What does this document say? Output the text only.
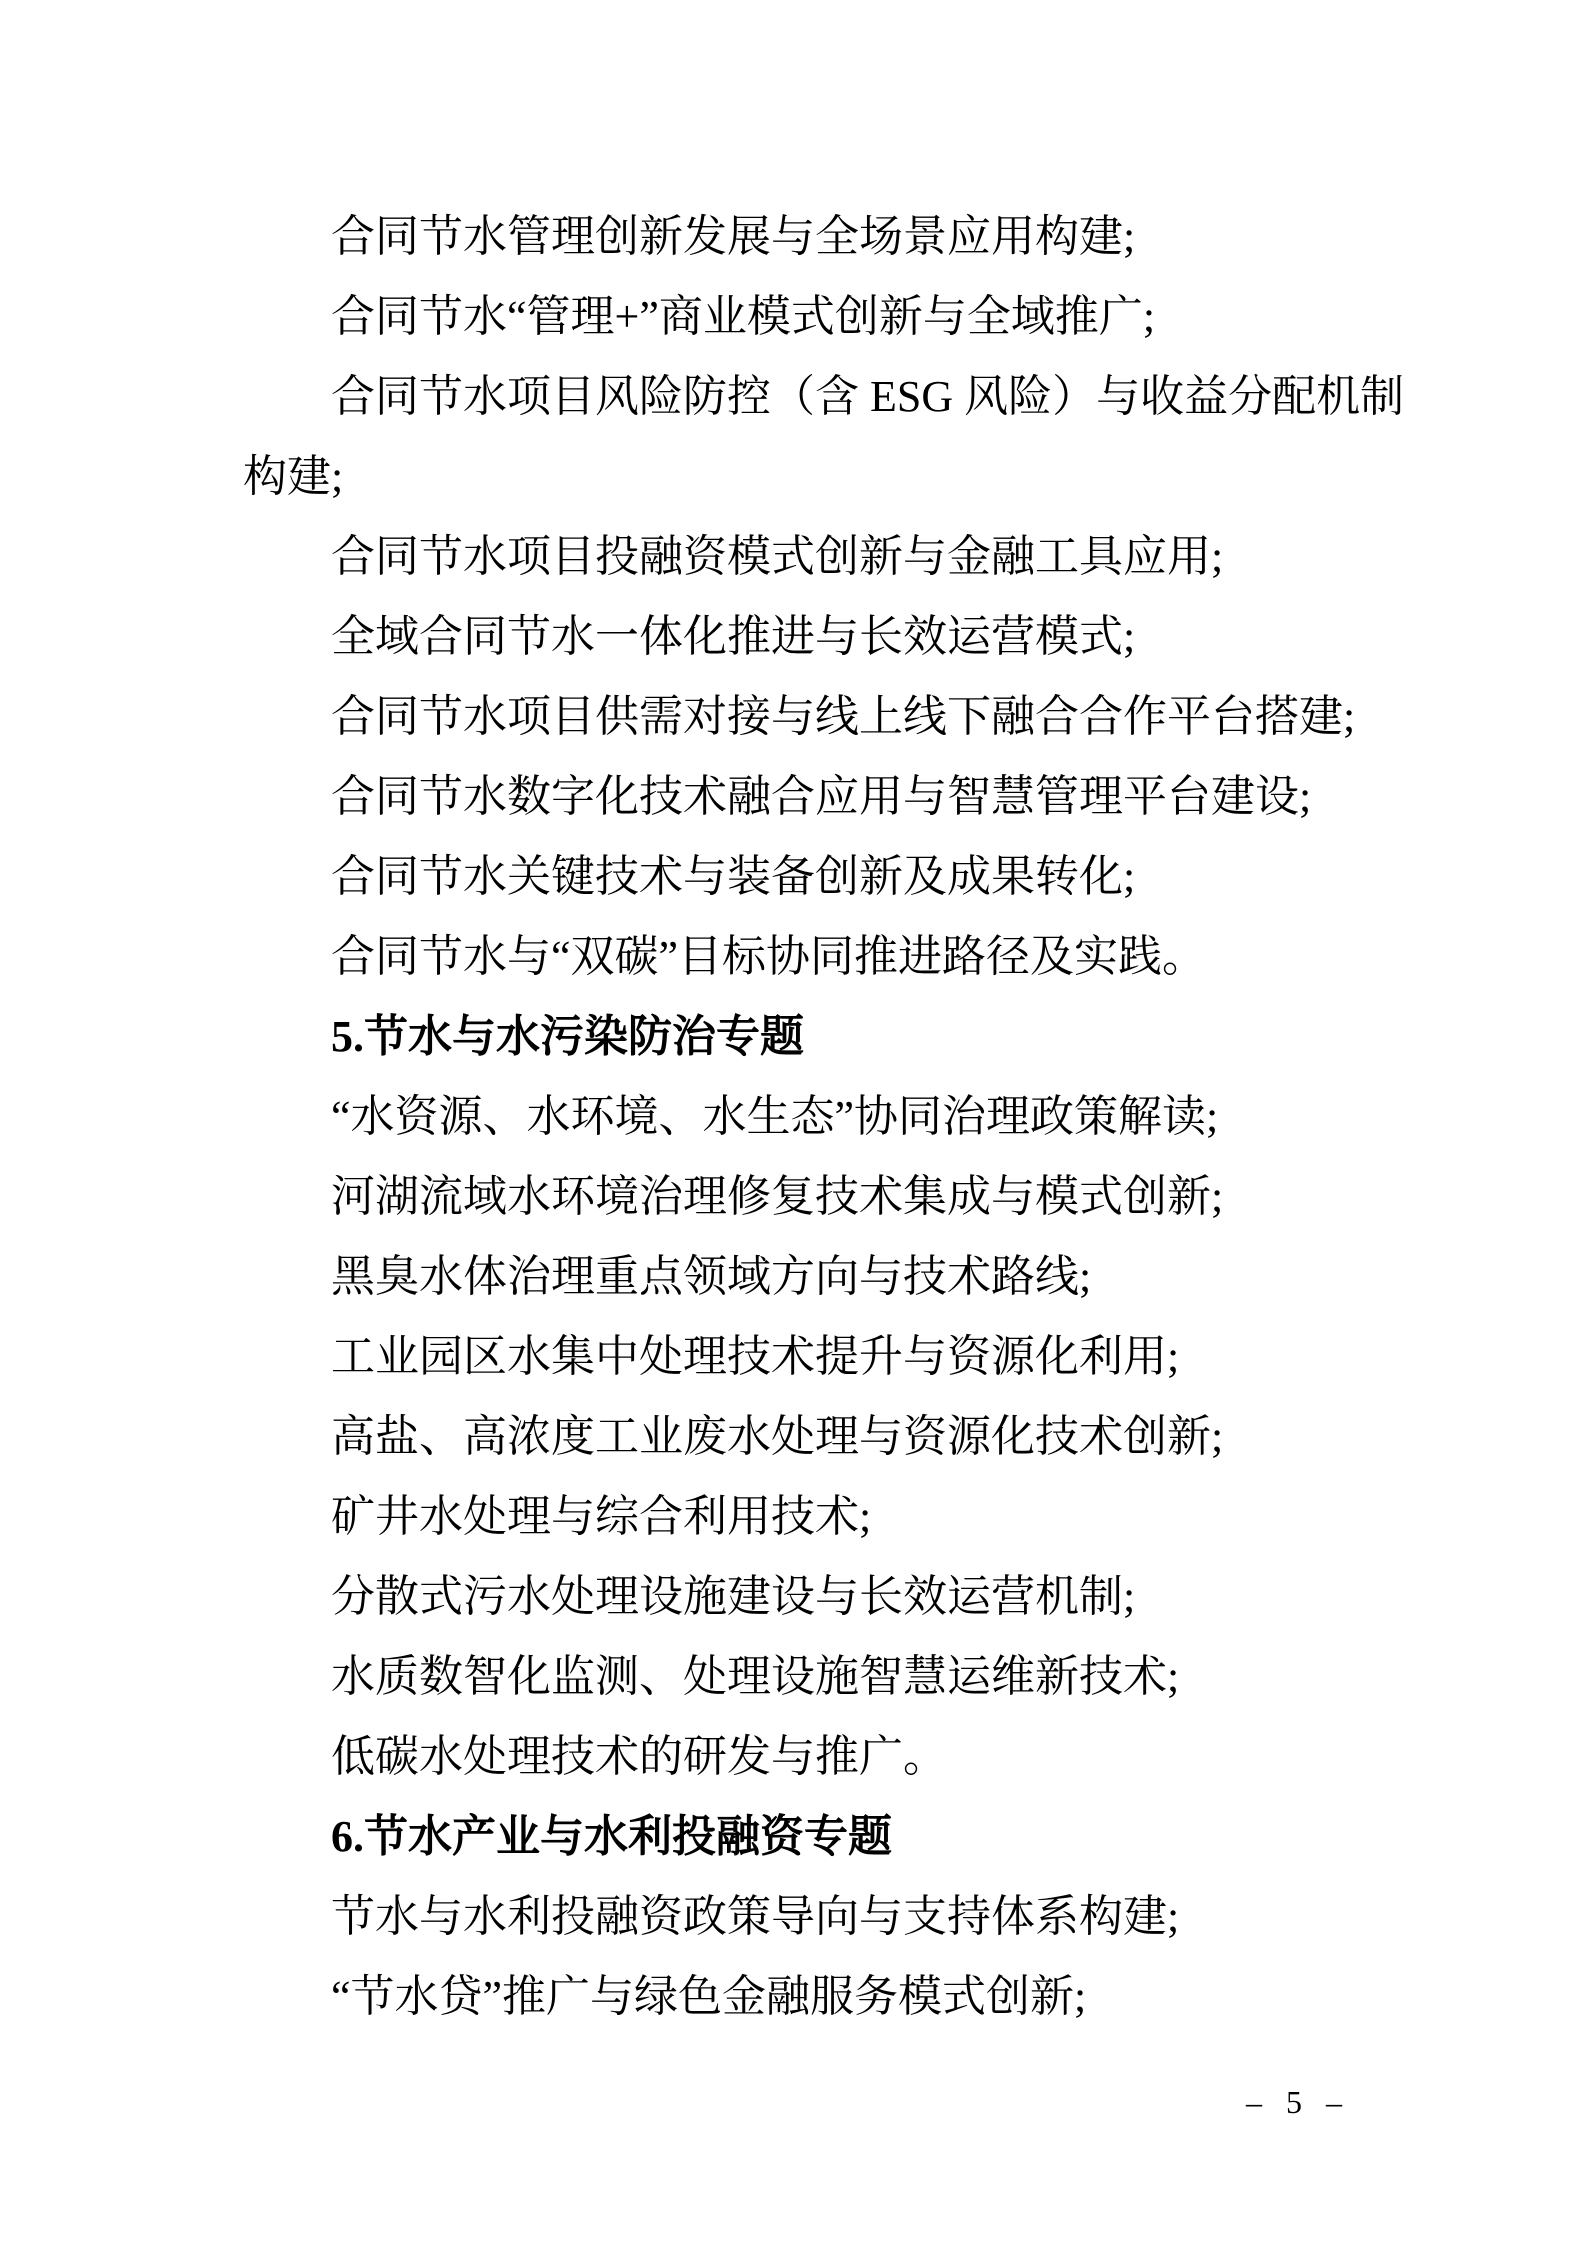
合同节水管理创新发展与全场景应用构建;
合同节水“管理+”商业模式创新与全域推广;
合同节水项目风险防控（含 ESG 风险）与收益分配机制
构建;
合同节水项目投融资模式创新与金融工具应用;
全域合同节水一体化推进与长效运营模式;
合同节水项目供需对接与线上线下融合合作平台搭建;
合同节水数字化技术融合应用与智慧管理平台建设;
合同节水关键技术与装备创新及成果转化;
合同节水与“双碳”目标协同推进路径及实践。
5.节水与水污染防治专题
“水资源、水环境、水生态”协同治理政策解读;
河湖流域水环境治理修复技术集成与模式创新;
黑臭水体治理重点领域方向与技术路线;
工业园区水集中处理技术提升与资源化利用;
高盐、高浓度工业废水处理与资源化技术创新;
矿井水处理与综合利用技术;
分散式污水处理设施建设与长效运营机制;
水质数智化监测、处理设施智慧运维新技术;
低碳水处理技术的研发与推广。
6.节水产业与水利投融资专题
节水与水利投融资政策导向与支持体系构建;
“节水贷”推广与绿色金融服务模式创新;
– 5 –
